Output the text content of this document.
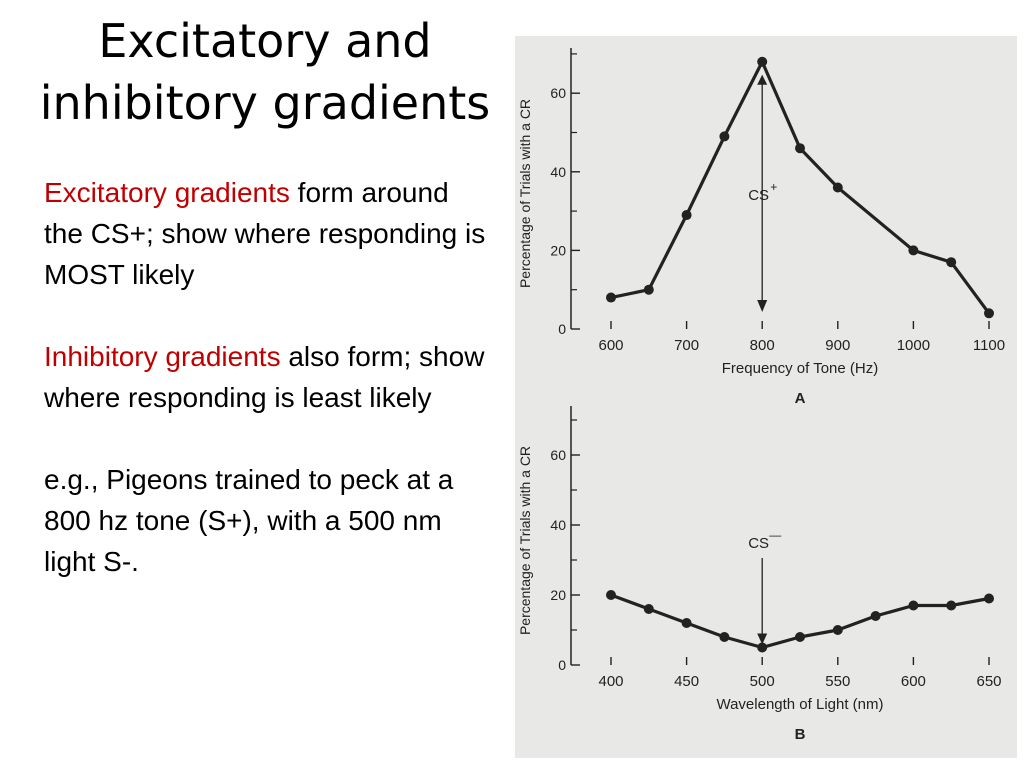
Excitatory and
inhibitory gradients

Excitatory gradients form around the CS+; show where responding is MOST likely

Inhibitory gradients also form; show where responding is least likely

e.g., Pigeons trained to peck at a 800 hz tone (S+), with a 500 nm light S-.

0
20
40
60
Percentage of Trials with a CR
600	700	800	900	1000	1100
Frequency of Tone (Hz)
A
CS +
0
20
40
60
Percentage of Trials with a CR
400	450	500	550	600	650
Wavelength of Light (nm)
B
CS —
